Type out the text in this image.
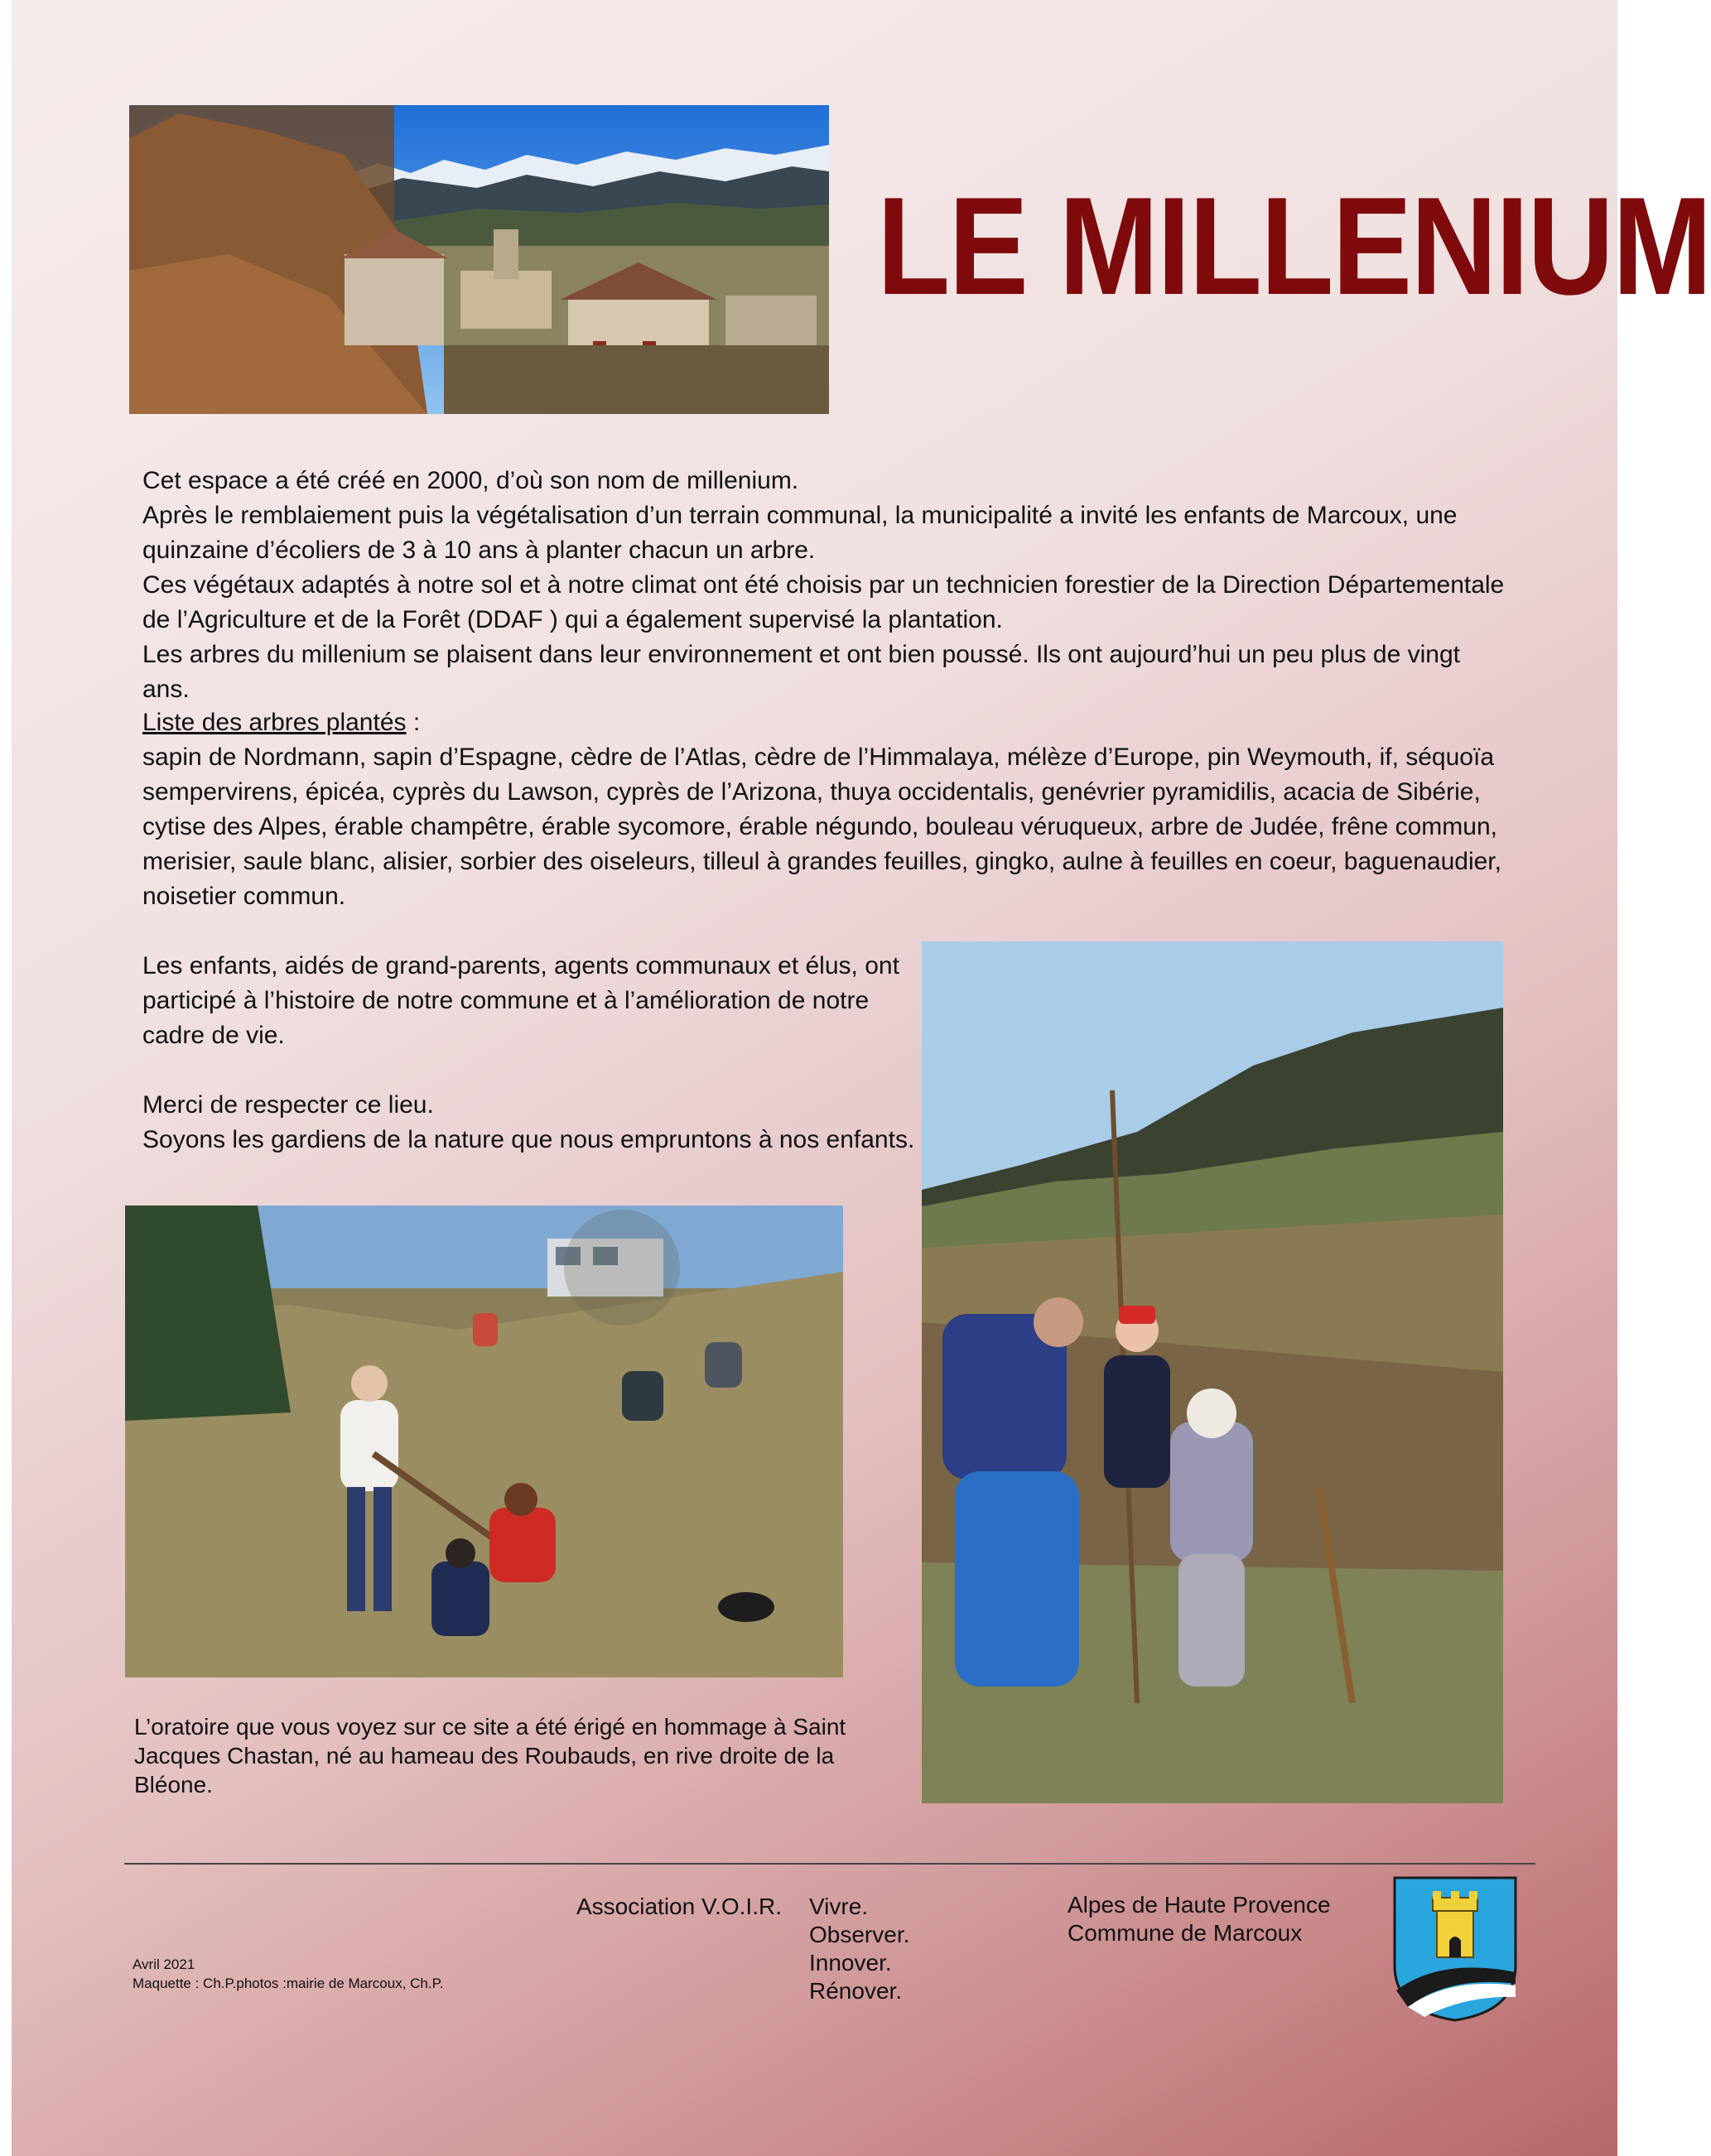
LE MILLENIUM

Cet espace a été créé en 2000, d’où son nom de millenium.

Après le remblaiement puis la végétalisation d’un terrain communal, la municipalité a invité les enfants de Marcoux, une quinzaine d’écoliers de 3 à 10 ans à planter chacun un arbre.

Ces végétaux adaptés à notre sol et à notre climat ont été choisis par un technicien forestier de la Direction Départementale de l’Agriculture et de la Forêt (DDAF ) qui a également supervisé la plantation.

Les arbres du millenium se plaisent dans leur environnement et ont bien poussé. Ils ont aujourd’hui un peu plus de vingt ans.

Liste des arbres plantés :

sapin de Nordmann, sapin d’Espagne, cèdre de l’Atlas, cèdre de l’Himmalaya, mélèze d’Europe, pin Weymouth, if, séquoïa sempervirens, épicéa, cyprès du Lawson, cyprès de l’Arizona, thuya occidentalis, genévrier pyramidilis, acacia de Sibérie, cytise des Alpes, érable champêtre, érable sycomore, érable négundo, bouleau véruqueux, arbre de Judée, frêne commun, merisier, saule blanc, alisier, sorbier des oiseleurs, tilleul à grandes feuilles, gingko, aulne à feuilles en coeur, baguenaudier, noisetier commun.

Les enfants, aidés de grand-parents, agents communaux et élus, ont participé à l’histoire de notre commune et à l’amélioration de notre cadre de vie.

Merci de respecter ce lieu.

Soyons les gardiens de la nature que nous empruntons à nos enfants.

L’oratoire que vous voyez sur ce site a été érigé en hommage à Saint Jacques Chastan, né au hameau des Roubauds, en rive droite de la Bléone.
Avril 2021
Maquette : Ch.P.photos :mairie de Marcoux, Ch.P.
Association V.O.I.R. Vivre.
Observer.
Innover.
Rénover.
Alpes de Haute Provence
Commune de Marcoux
